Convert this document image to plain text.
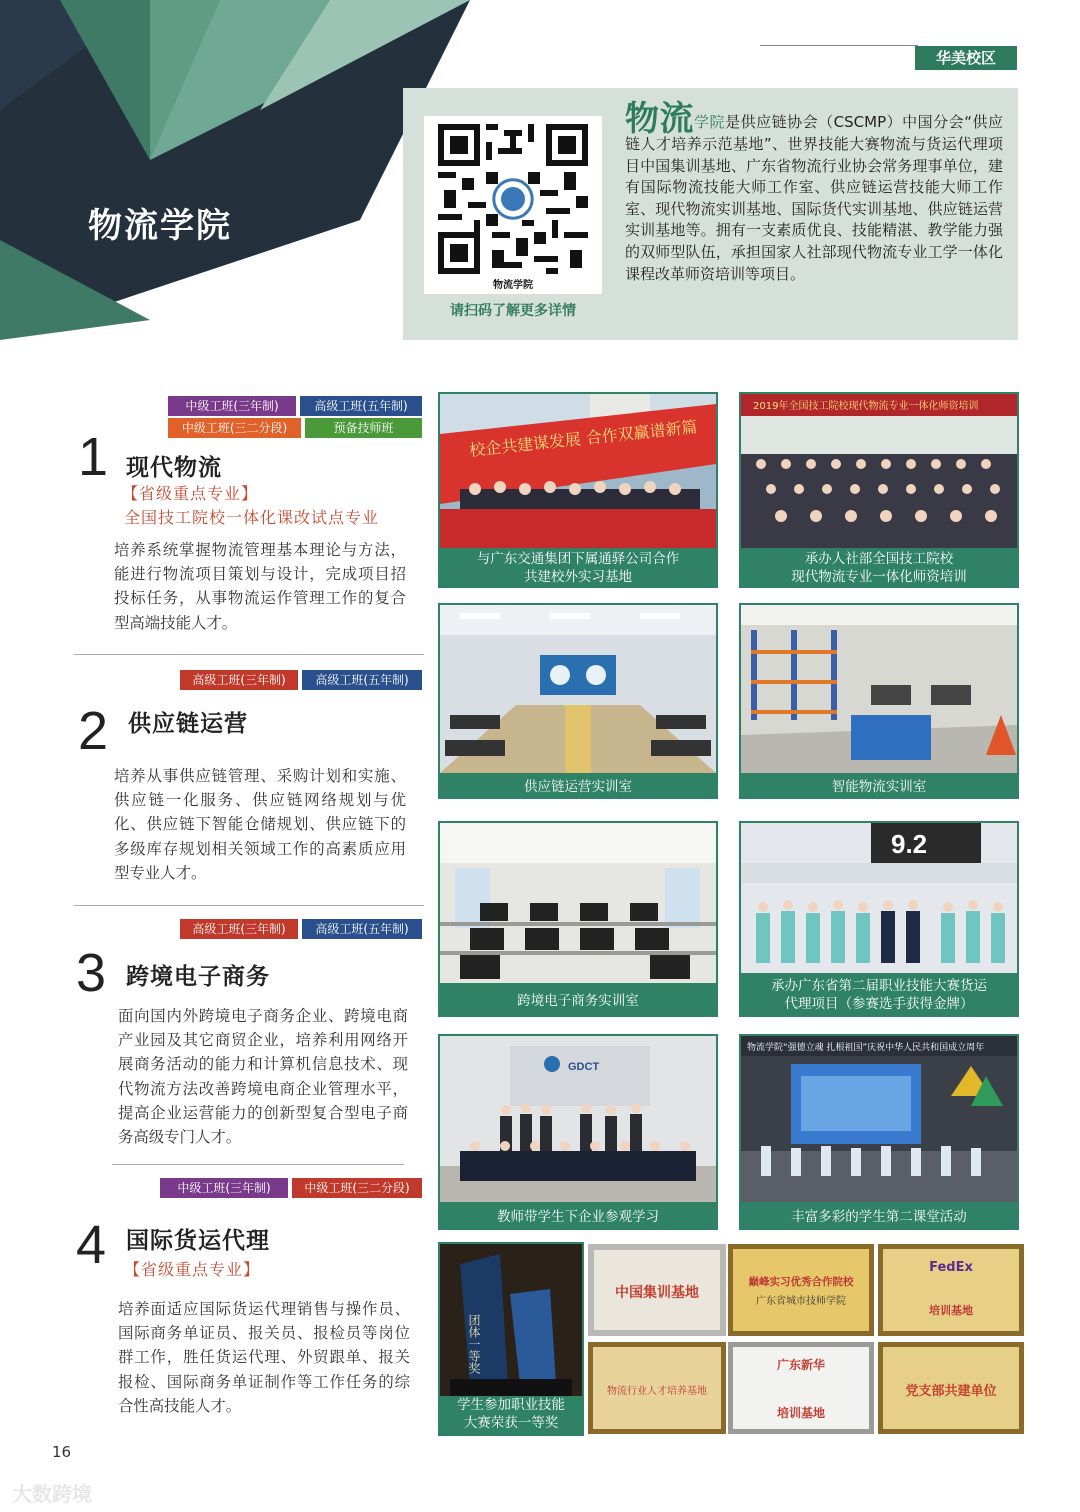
物流学院
华美校区
物流学院
请扫码了解更多详情
物流学院是供应链协会（CSCMP）中国分会“供应链人才培养示范基地”、世界技能大赛物流与货运代理项目中国集训基地、广东省物流行业协会常务理事单位，建有国际物流技能大师工作室、供应链运营技能大师工作室、现代物流实训基地、国际货代实训基地、供应链运营实训基地等。拥有一支素质优良、技能精湛、教学能力强的双师型队伍，承担国家人社部现代物流专业工学一体化课程改革师资培训等项目。
中级工班(三年制)	高级工班(五年制)
中级工班(三二分段)	预备技师班
1 现代物流
【省级重点专业】
全国技工院校一体化课改试点专业
培养系统掌握物流管理基本理论与方法，能进行物流项目策划与设计，完成项目招投标任务，从事物流运作管理工作的复合型高端技能人才。
高级工班(三年制)	高级工班(五年制)
2 供应链运营
培养从事供应链管理、采购计划和实施、供应链一化服务、供应链网络规划与优化、供应链下智能仓储规划、供应链下的多级库存规划相关领域工作的高素质应用型专业人才。
高级工班(三年制)	高级工班(五年制)
3 跨境电子商务
面向国内外跨境电子商务企业、跨境电商产业园及其它商贸企业，培养利用网络开展商务活动的能力和计算机信息技术、现代物流方法改善跨境电商企业管理水平，提高企业运营能力的创新型复合型电子商务高级专门人才。
中级工班(三年制)	中级工班(三二分段)
4 国际货运代理
【省级重点专业】
培养面适应国际货运代理销售与操作员、国际商务单证员、报关员、报检员等岗位群工作，胜任货运代理、外贸跟单、报关报检、国际商务单证制作等工作任务的综合性高技能人才。
校企共建谋发展 合作双赢谱新篇
与广东交通集团下属通驿公司合作
共建校外实习基地
2019年全国技工院校现代物流专业一体化师资培训
承办人社部全国技工院校
现代物流专业一体化师资培训
供应链运营实训室	智能物流实训室
跨境电子商务实训室
9.2
承办广东省第二届职业技能大赛货运
代理项目（参赛选手获得金牌）
GDCT
教师带学生下企业参观学习
物流学院“强德立魂 扎根祖国”庆祝中华人民共和国成立周年
丰富多彩的学生第二课堂活动
团体一等奖
学生参加职业技能
大赛荣获一等奖
中国集训基地
巅峰实习优秀合作院校
广东省城市技师学院
FedEx
培训基地
物流行业人才培养基地
广东新华
培训基地
党支部共建单位
16
大数跨境
